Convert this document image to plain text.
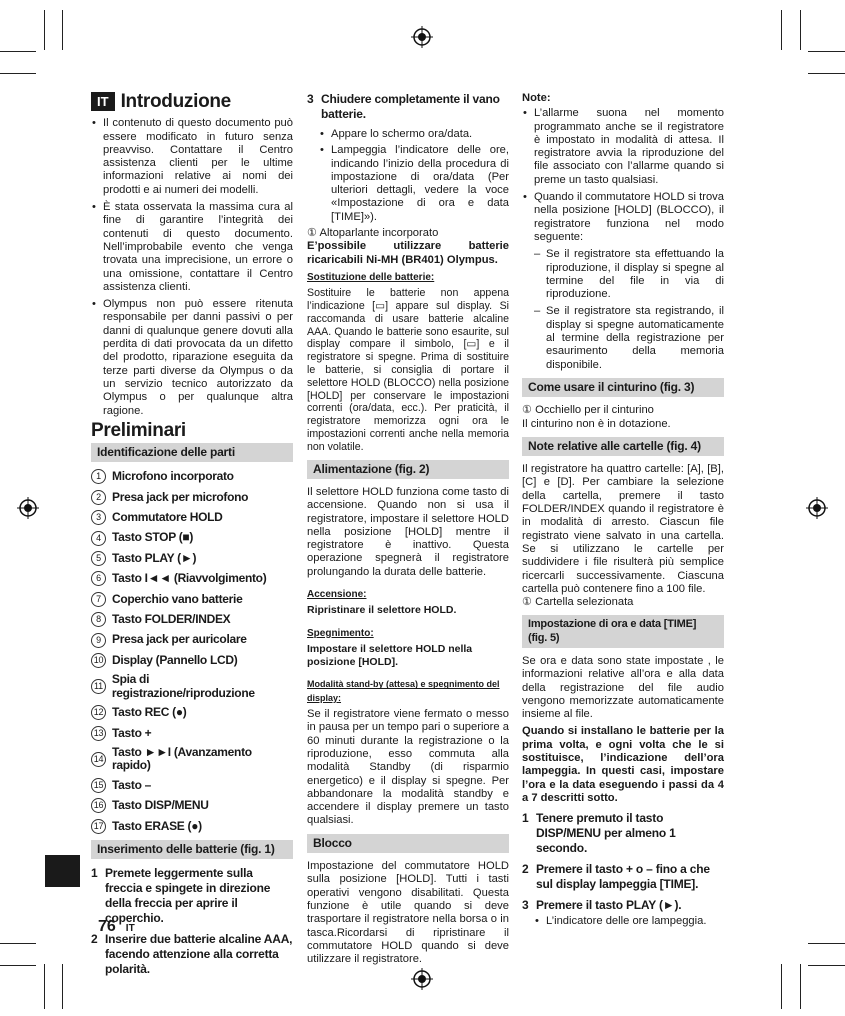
IT Introduzione

• Il contenuto di questo documento può essere modificato in futuro senza preavviso. Contattare il Centro assistenza clienti per le ultime informazioni relative ai nomi dei prodotti e ai numeri dei modelli.

• È stata osservata la massima cura al fine di garantire l’integrità dei contenuti di questo documento. Nell’improbabile evento che venga trovata una imprecisione, un errore o una omissione, contattare il Centro assistenza clienti.

• Olympus non può essere ritenuta responsabile per danni passivi o per danni di qualunque genere dovuti alla perdita di dati provocata da un difetto del prodotto, riparazione eseguita da terze parti diverse da Olympus o da un servizio tecnico autorizzato da Olympus o per qualunque altra ragione.

Preliminari
Identificazione delle parti
1 Microfono incorporato
2 Presa jack per microfono
3 Commutatore HOLD
4 Tasto STOP (■)
5 Tasto PLAY (►)
6 Tasto I◄◄ (Riavvolgimento)
7 Coperchio vano batterie
8 Tasto FOLDER/INDEX
9 Presa jack per auricolare
10 Display (Pannello LCD)
11 Spia di registrazione/riproduzione
12 Tasto REC (●)
13 Tasto +
14 Tasto ►►I (Avanzamento rapido)
15 Tasto –
16 Tasto DISP/MENU
17 Tasto ERASE (●)
Inserimento delle batterie (fig. 1)
1 Premete leggermente sulla freccia e spingete in direzione della freccia per aprire il coperchio.
2 Inserire due batterie alcaline AAA, facendo attenzione alla corretta polarità.
3 Chiudere completamente il vano batterie.

• Appare lo schermo ora/data.

• Lampeggia l’indicatore delle ore, indicando l’inizio della procedura di impostazione di ora/data (Per ulteriori dettagli, vedere la voce «Impostazione di ora e data [TIME]»).

① Altoparlante incorporato

E’possibile utilizzare batterie ricaricabili Ni-MH (BR401) Olympus.

Sostituzione delle batterie:

Sostituire le batterie non appena l’indicazione [▭] appare sul display. Si raccomanda di usare batterie alcaline AAA. Quando le batterie sono esaurite, sul display compare il simbolo, [▭] e il registratore si spegne. Prima di sostituire le batterie, si consiglia di portare il selettore HOLD (BLOCCO) nella posizione [HOLD] per conservare le impostazioni correnti (ora/data, ecc.). Per praticità, il registratore memorizza ogni ora le impostazioni correnti anche nella memoria non volatile.

Alimentazione (fig. 2)

Il selettore HOLD funziona come tasto di accensione. Quando non si usa il registratore, impostare il selettore HOLD nella posizione [HOLD] mentre il registratore è inattivo. Questa operazione spegnerà il registratore prolungando la durata delle batterie.

Accensione:

Ripristinare il selettore HOLD.

Spegnimento:

Impostare il selettore HOLD nella posizione [HOLD].

Modalità stand-by (attesa) e spegnimento del display:

Se il registratore viene fermato o messo in pausa per un tempo pari o superiore a 60 minuti durante la registrazione o la riproduzione, esso commuta alla modalità Standby (di risparmio energetico) e il display si spegne. Per abbandonare la modalità standby e accendere il display premere un tasto qualsiasi.

Blocco

Impostazione del commutatore HOLD sulla posizione [HOLD]. Tutti i tasti operativi vengono disabilitati. Questa funzione è utile quando si deve trasportare il registratore nella borsa o in tasca.Ricordarsi di ripristinare il commutatore HOLD quando si deve utilizzare il registratore.

Note:

• L’allarme suona nel momento programmato anche se il registratore è impostato in modalità di attesa. Il registratore avvia la riproduzione del file associato con l’allarme quando si preme un tasto qualsiasi.

• Quando il commutatore HOLD si trova nella posizione [HOLD] (BLOCCO), il registratore funziona nel modo seguente:

– Se il registratore sta effettuando la riproduzione, il display si spegne al termine del file in via di riproduzione.

– Se il registratore sta registrando, il display si spegne automaticamente al termine della registrazione per esaurimento della memoria disponibile.

Come usare il cinturino (fig. 3)

① Occhiello per il cinturino

Il cinturino non è in dotazione.

Note relative alle cartelle (fig. 4)

Il registratore ha quattro cartelle: [A], [B], [C] e [D]. Per cambiare la selezione della cartella, premere il tasto FOLDER/INDEX quando il registratore è in modalità di arresto. Ciascun file registrato viene salvato in una cartella. Se si utilizzano le cartelle per suddividere i file risulterà più semplice ricercarli successivamente. Ciascuna cartella può contenere fino a 100 file.

① Cartella selezionata

Impostazione di ora e data [TIME] (fig. 5)

Se ora e data sono state impostate , le informazioni relative all’ora e alla data della registrazione del file audio vengono memorizzate automaticamente insieme al file.

Quando si installano le batterie per la prima volta, e ogni volta che le si sostituisce, l’indicazione dell’ora lampeggia. In questi casi, impostare l’ora e la data eseguendo i passi da 4 a 7 descritti sotto.

1 Tenere premuto il tasto DISP/MENU per almeno 1 secondo.
2 Premere il tasto + o – fino a che sul display lampeggia [TIME].
3 Premere il tasto PLAY (►).

• L’indicatore delle ore lampeggia.

76 IT
